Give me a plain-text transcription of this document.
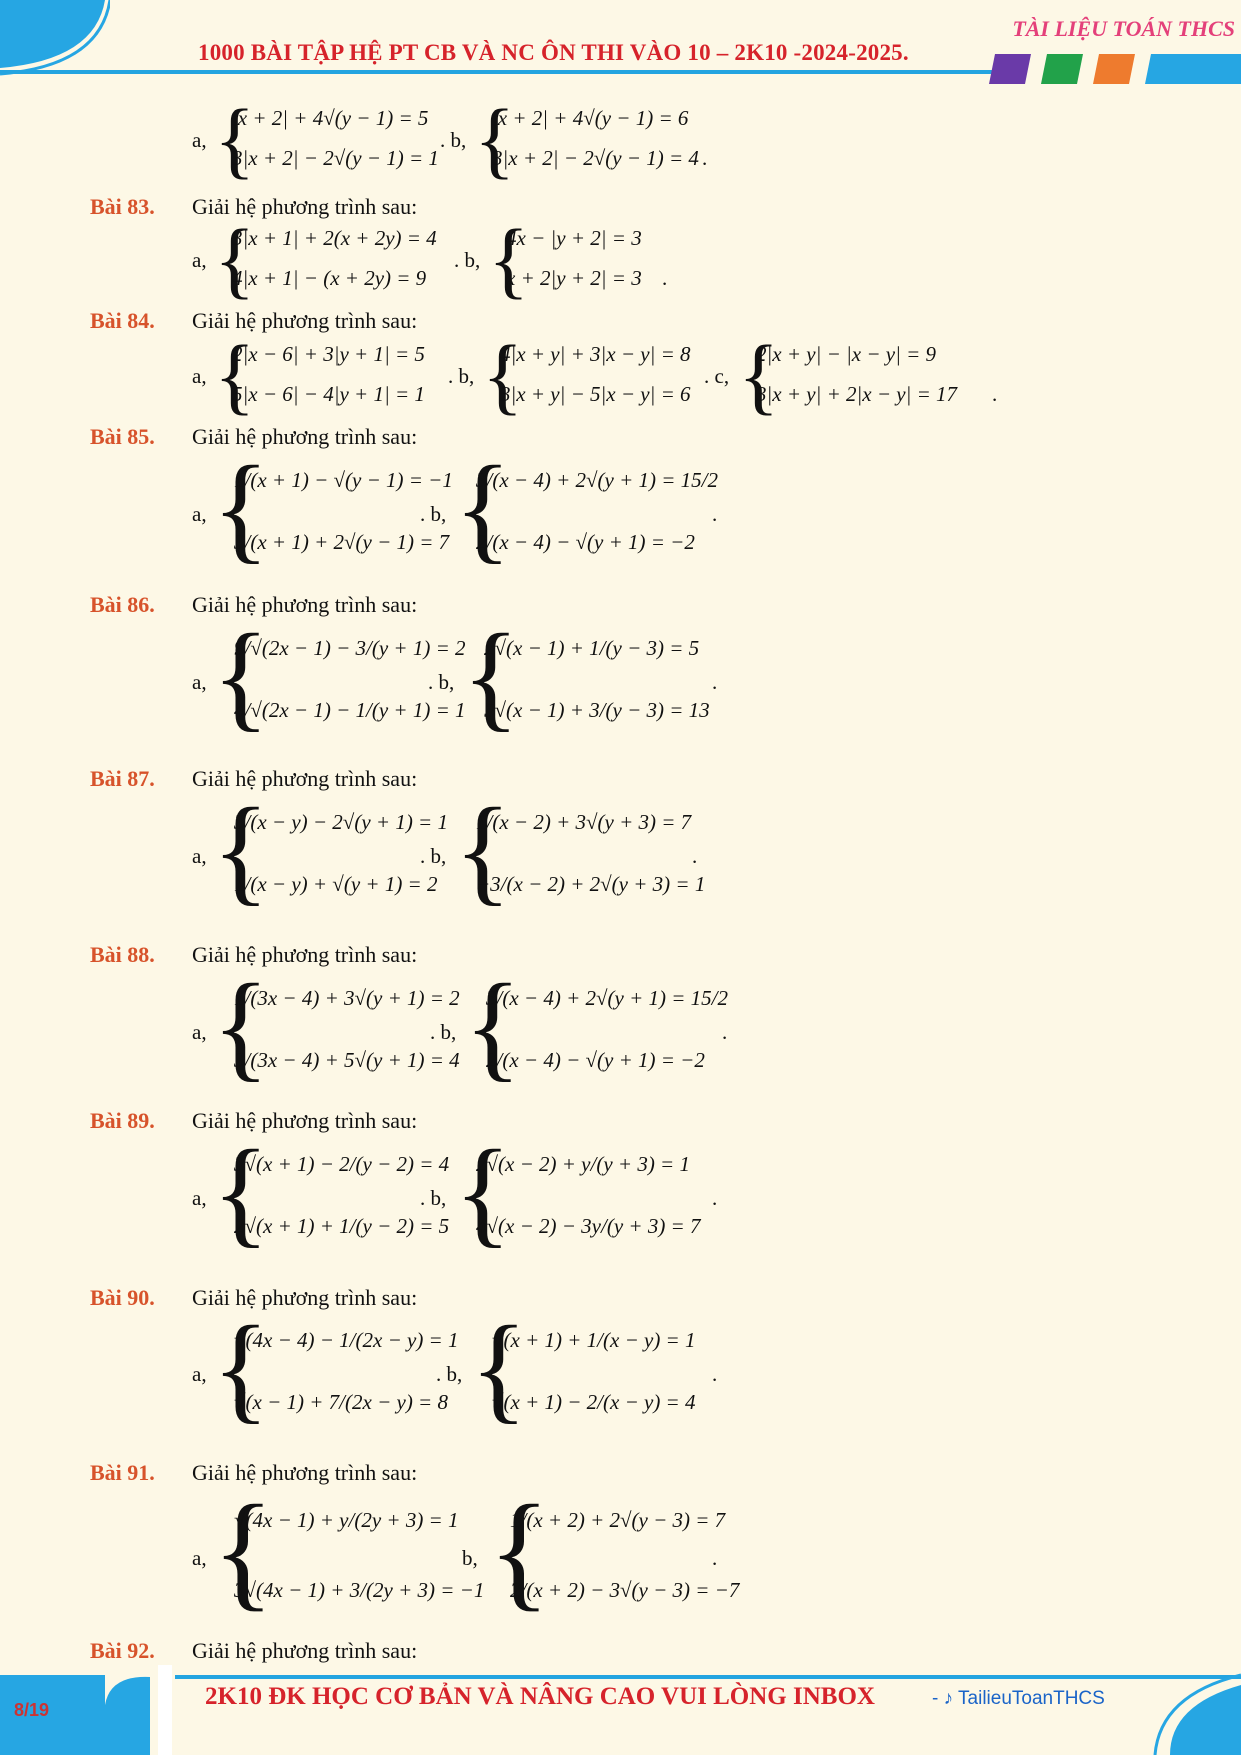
TÀI LIỆU TOÁN THCS
1000 BÀI TẬP HỆ PT CB VÀ NC ÔN THI VÀO 10 – 2K10 -2024-2025.
a, {
|x + 2| + 4√(y − 1) = 5
3|x + 2| − 2√(y − 1) = 1
. b, {
|x + 2| + 4√(y − 1) = 6
3|x + 2| − 2√(y − 1) = 4 .
Bài 83. Giải hệ phương trình sau:
a, {
3|x + 1| + 2(x + 2y) = 4
4|x + 1| − (x + 2y) = 9
. b, {
4x − |y + 2| = 3
x + 2|y + 2| = 3 .
Bài 84. Giải hệ phương trình sau:
a, {
2|x − 6| + 3|y + 1| = 5
5|x − 6| − 4|y + 1| = 1
. b, {
4|x + y| + 3|x − y| = 8
3|x + y| − 5|x − y| = 6
. c, {
2|x + y| − |x − y| = 9
3|x + y| + 2|x − y| = 17 .
Bài 85. Giải hệ phương trình sau:
a, {
1/(x + 1) − √(y − 1) = −1
3/(x + 1) + 2√(y − 1) = 7
. b, {
3/(x − 4) + 2√(y + 1) = 15/2
2/(x − 4) − √(y + 1) = −2
.
Bài 86. Giải hệ phương trình sau:
a, {
9/√(2x − 1) − 3/(y + 1) = 2
4/√(2x − 1) − 1/(y + 1) = 1
. b, {
2√(x − 1) + 1/(y − 3) = 5
5√(x − 1) + 3/(y − 3) = 13
.
Bài 87. Giải hệ phương trình sau:
a, {
3/(x − y) − 2√(y + 1) = 1
1/(x − y) + √(y + 1) = 2
. b, {
1/(x − 2) + 3√(y + 3) = 7
−3/(x − 2) + 2√(y + 3) = 1
.
Bài 88. Giải hệ phương trình sau:
a, {
1/(3x − 4) + 3√(y + 1) = 2
3/(3x − 4) + 5√(y + 1) = 4
. b, {
3/(x − 4) + 2√(y + 1) = 15/2
2/(x − 4) − √(y + 1) = −2
.
Bài 89. Giải hệ phương trình sau:
a, {
3√(x + 1) − 2/(y − 2) = 4
2√(x + 1) + 1/(y − 2) = 5
. b, {
2√(x − 2) + y/(y + 3) = 1
4√(x − 2) − 3y/(y + 3) = 7
.
Bài 90. Giải hệ phương trình sau:
a, {
√(4x − 4) − 1/(2x − y) = 1
√(x − 1) + 7/(2x − y) = 8
. b, {
√(x + 1) + 1/(x − y) = 1
√(x + 1) − 2/(x − y) = 4
.
Bài 91. Giải hệ phương trình sau:
a, {
√(4x − 1) + y/(2y + 3) = 1
3√(4x − 1) + 3/(2y + 3) = −1
b, {
1/(x + 2) + 2√(y − 3) = 7
2/(x + 2) − 3√(y − 3) = −7
.
Bài 92. Giải hệ phương trình sau:
8/19	2K10 ĐK HỌC CƠ BẢN VÀ NÂNG CAO VUI LÒNG INBOX	- ♪ TailieuToanTHCS
